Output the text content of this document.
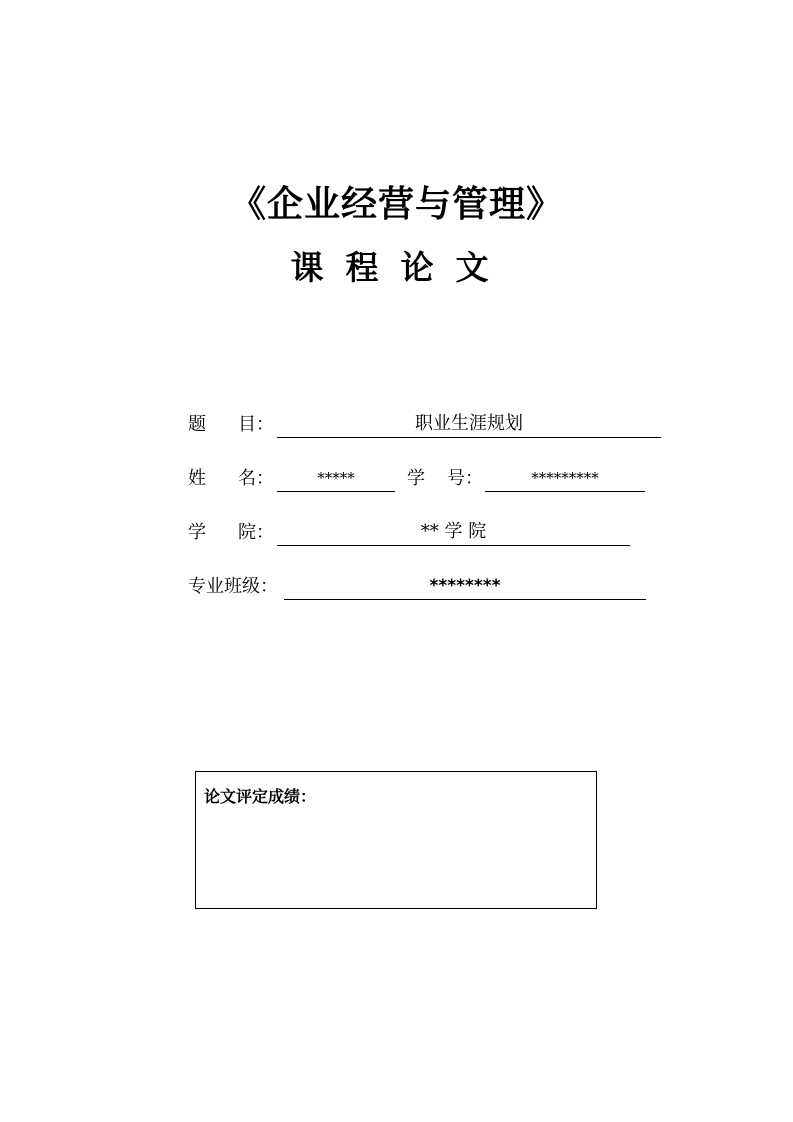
《企业经营与管理》
课程论文
题 目：	职业生涯规划
姓 名：	*****	学 号：	*********
学 院：	** 学 院
专业班级：	********
论文评定成绩：
